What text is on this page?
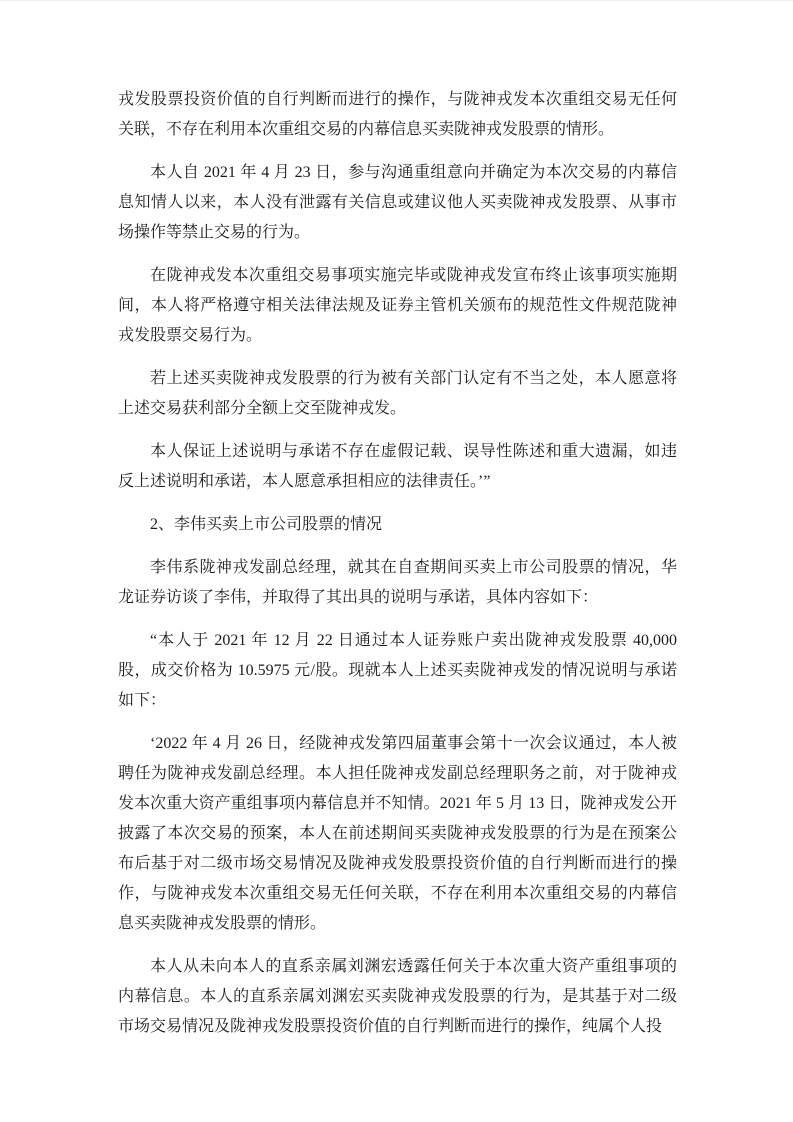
戎发股票投资价值的自行判断而进行的操作，与陇神戎发本次重组交易无任何关联，不存在利用本次重组交易的内幕信息买卖陇神戎发股票的情形。

本人自 2021 年 4 月 23 日，参与沟通重组意向并确定为本次交易的内幕信息知情人以来，本人没有泄露有关信息或建议他人买卖陇神戎发股票、从事市场操作等禁止交易的行为。

在陇神戎发本次重组交易事项实施完毕或陇神戎发宣布终止该事项实施期间，本人将严格遵守相关法律法规及证券主管机关颁布的规范性文件规范陇神戎发股票交易行为。

若上述买卖陇神戎发股票的行为被有关部门认定有不当之处，本人愿意将上述交易获利部分全额上交至陇神戎发。

本人保证上述说明与承诺不存在虚假记载、误导性陈述和重大遗漏，如违反上述说明和承诺，本人愿意承担相应的法律责任。’”

2、李伟买卖上市公司股票的情况

李伟系陇神戎发副总经理，就其在自查期间买卖上市公司股票的情况，华龙证券访谈了李伟，并取得了其出具的说明与承诺，具体内容如下：

“本人于 2021 年 12 月 22 日通过本人证券账户卖出陇神戎发股票 40,000 股，成交价格为 10.5975 元/股。现就本人上述买卖陇神戎发的情况说明与承诺如下：

‘2022 年 4 月 26 日，经陇神戎发第四届董事会第十一次会议通过，本人被聘任为陇神戎发副总经理。本人担任陇神戎发副总经理职务之前，对于陇神戎发本次重大资产重组事项内幕信息并不知情。2021 年 5 月 13 日，陇神戎发公开披露了本次交易的预案，本人在前述期间买卖陇神戎发股票的行为是在预案公布后基于对二级市场交易情况及陇神戎发股票投资价值的自行判断而进行的操作，与陇神戎发本次重组交易无任何关联，不存在利用本次重组交易的内幕信息买卖陇神戎发股票的情形。

本人从未向本人的直系亲属刘渊宏透露任何关于本次重大资产重组事项的内幕信息。本人的直系亲属刘渊宏买卖陇神戎发股票的行为，是其基于对二级市场交易情况及陇神戎发股票投资价值的自行判断而进行的操作，纯属个人投
